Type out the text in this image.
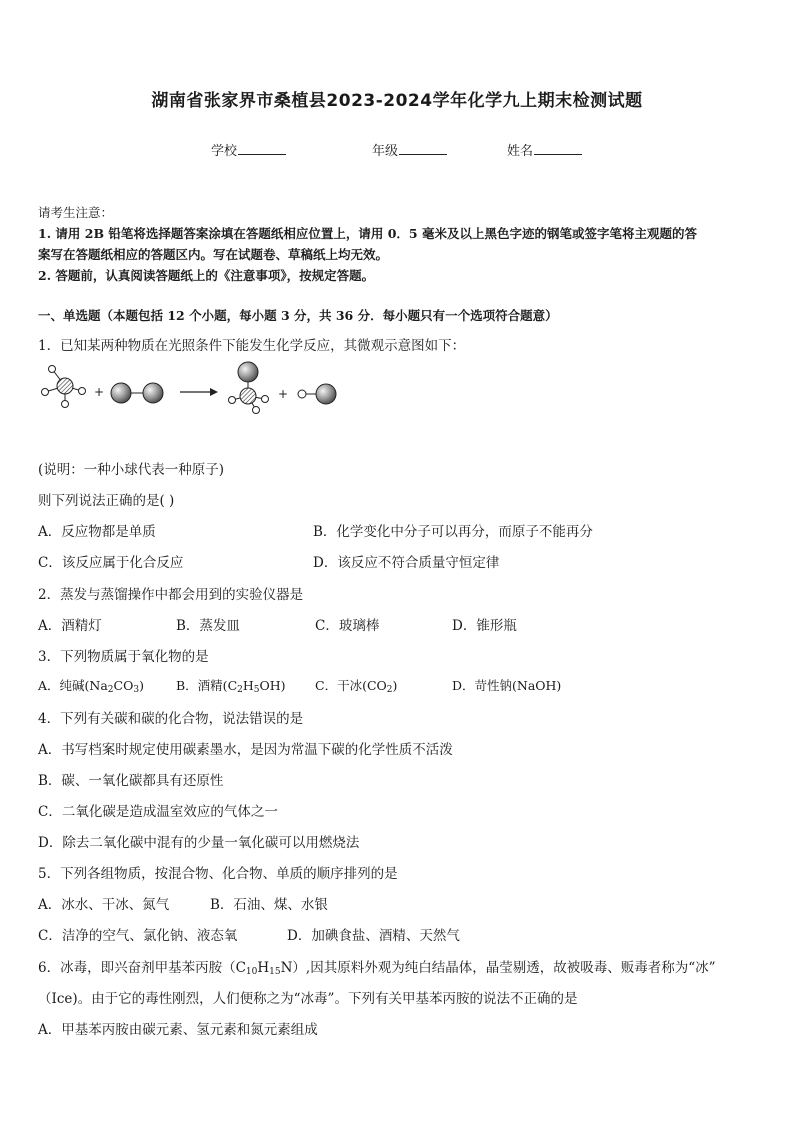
湖南省张家界市桑植县2023-2024学年化学九上期末检测试题
学校	年级	姓名
请考生注意：
1. 请用 2B 铅笔将选择题答案涂填在答题纸相应位置上，请用 0．5 毫米及以上黑色字迹的钢笔或签字笔将主观题的答
案写在答题纸相应的答题区内。写在试题卷、草稿纸上均无效。
2. 答题前，认真阅读答题纸上的《注意事项》，按规定答题。
一、单选题（本题包括 12 个小题，每小题 3 分，共 36 分．每小题只有一个选项符合题意）
1．已知某两种物质在光照条件下能发生化学反应，其微观示意图如下：
+	+
(说明：一种小球代表一种原子)
则下列说法正确的是( )
A．反应物都是单质	B．化学变化中分子可以再分，而原子不能再分
C．该反应属于化合反应	D．该反应不符合质量守恒定律
2．蒸发与蒸馏操作中都会用到的实验仪器是
A．酒精灯	B．蒸发皿	C．玻璃棒	D．锥形瓶
3．下列物质属于氧化物的是
A．纯碱$(Na_2CO_3)$	B．酒精$(C_2H_5OH)$ C．干冰$(CO_2)$	D．苛性钠(NaOH)
4．下列有关碳和碳的化合物，说法错误的是
A．书写档案时规定使用碳素墨水，是因为常温下碳的化学性质不活泼
B．碳、一氧化碳都具有还原性
C．二氧化碳是造成温室效应的气体之一
D．除去二氧化碳中混有的少量一氧化碳可以用燃烧法
5．下列各组物质，按混合物、化合物、单质的顺序排列的是
A．冰水、干冰、氮气	B．石油、煤、水银
C．洁净的空气、氯化钠、液态氧	D．加碘食盐、酒精、天然气
6．冰毒，即兴奋剂甲基苯丙胺$(C_{10}H_{15}N)$,因其原料外观为纯白结晶体，晶莹剔透，故被吸毒、贩毒者称为“冰”
（Ice)。由于它的毒性刚烈，人们便称之为“冰毒”。下列有关甲基苯丙胺的说法不正确的是
A．甲基苯丙胺由碳元素、氢元素和氮元素组成
